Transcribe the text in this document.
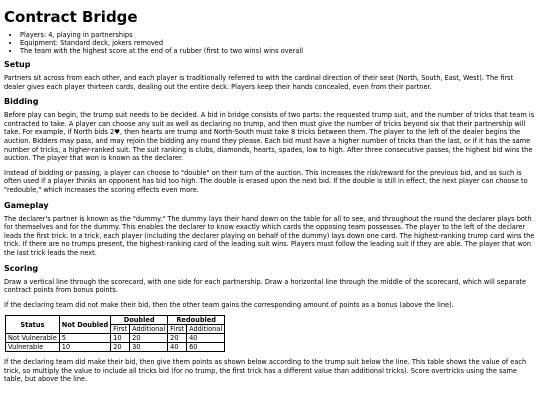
Contract Bridge
• Players: 4, playing in partnerships
• Equipment: Standard deck, jokers removed
• The team with the highest score at the end of a rubber (first to two wins) wins overall
Setup

Partners sit across from each other, and each player is traditionally referred to with the cardinal direction of their seat (North, South, East, West). The first dealer gives each player thirteen cards, dealing out the entire deck. Players keep their hands concealed, even from their partner.

Bidding

Before play can begin, the trump suit needs to be decided. A bid in bridge consists of two parts: the requested trump suit, and the number of tricks that team is contracted to take. A player can choose any suit as well as declaring no trump, and then must give the number of tricks beyond six that their partnership will take. For example, if North bids 2♥, then hearts are trump and North-South must take 8 tricks between them. The player to the left of the dealer begins the auction. Bidders may pass, and may rejoin the bidding any round they please. Each bid must have a higher number of tricks than the last, or if it has the same number of tricks, a higher-ranked suit. The suit ranking is clubs, diamonds, hearts, spades, low to high. After three consecutive passes, the highest bid wins the auction. The player that won is known as the declarer.

Instead of bidding or passing, a player can choose to "double" on their turn of the auction. This increases the risk/reward for the previous bid, and as such is often used if a player thinks an opponent has bid too high. The double is erased upon the next bid. If the double is still in effect, the next player can choose to "redouble," which increases the scoring effects even more.

Gameplay

The declarer's partner is known as the "dummy." The dummy lays their hand down on the table for all to see, and throughout the round the declarer plays both for themselves and for the dummy. This enables the declarer to know exactly which cards the opposing team possesses. The player to the left of the declarer leads the first trick. In a trick, each player (including the declarer playing on behalf of the dummy) lays down one card. The highest-ranking trump card wins the trick. If there are no trumps present, the highest-ranking card of the leading suit wins. Players must follow the leading suit if they are able. The player that won the last trick leads the next.

Scoring

Draw a vertical line through the scorecard, with one side for each partnership. Draw a horizontal line through the middle of the scorecard, which will separate contract points from bonus points.

If the declaring team did not make their bid, then the other team gains the corresponding amount of points as a bonus (above the line).

Status	Not Doubled	Doubled		Redoubled	
		First	Additional	First	Additional
Not Vulnerable	5	10	20	20	40
Vulnerable	10	20	30	40	60

If the declaring team did make their bid, then give them points as shown below according to the trump suit below the line. This table shows the value of each trick, so multiply the value to include all tricks bid (for no trump, the first trick has a different value than additional tricks). Score overtricks using the same table, but above the line.
